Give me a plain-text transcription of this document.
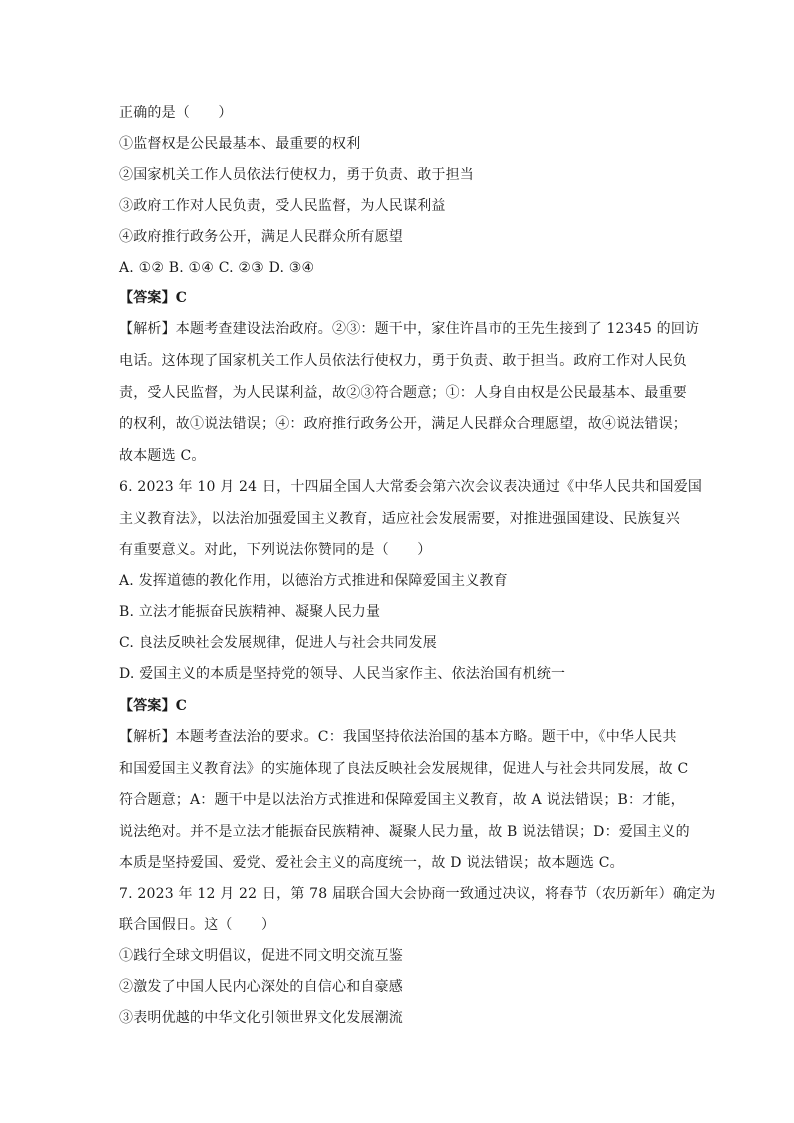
正确的是（　　）
①监督权是公民最基本、最重要的权利
②国家机关工作人员依法行使权力，勇于负责、敢于担当
③政府工作对人民负责，受人民监督，为人民谋利益
④政府推行政务公开，满足人民群众所有愿望
A. ①② B. ①④ C. ②③ D. ③④
【答案】C
【解析】本题考查建设法治政府。②③：题干中，家住许昌市的王先生接到了 12345 的回访
电话。这体现了国家机关工作人员依法行使权力，勇于负责、敢于担当。政府工作对人民负
责，受人民监督，为人民谋利益，故②③符合题意；①：人身自由权是公民最基本、最重要
的权利，故①说法错误；④：政府推行政务公开，满足人民群众合理愿望，故④说法错误；
故本题选 C。
6. 2023 年 10 月 24 日，十四届全国人大常委会第六次会议表决通过《中华人民共和国爱国
主义教育法》，以法治加强爱国主义教育，适应社会发展需要，对推进强国建设、民族复兴
有重要意义。对此，下列说法你赞同的是（　　）
A. 发挥道德的教化作用，以德治方式推进和保障爱国主义教育
B. 立法才能振奋民族精神、凝聚人民力量
C. 良法反映社会发展规律，促进人与社会共同发展
D. 爱国主义的本质是坚持党的领导、人民当家作主、依法治国有机统一
【答案】C
【解析】本题考查法治的要求。C：我国坚持依法治国的基本方略。题干中，《中华人民共
和国爱国主义教育法》的实施体现了良法反映社会发展规律，促进人与社会共同发展，故 C
符合题意；A：题干中是以法治方式推进和保障爱国主义教育，故 A 说法错误；B：才能，
说法绝对。并不是立法才能振奋民族精神、凝聚人民力量，故 B 说法错误；D：爱国主义的
本质是坚持爱国、爱党、爱社会主义的高度统一，故 D 说法错误；故本题选 C。
7. 2023 年 12 月 22 日，第 78 届联合国大会协商一致通过决议，将春节（农历新年）确定为
联合国假日。这（　　）
①践行全球文明倡议，促进不同文明交流互鉴
②激发了中国人民内心深处的自信心和自豪感
③表明优越的中华文化引领世界文化发展潮流
